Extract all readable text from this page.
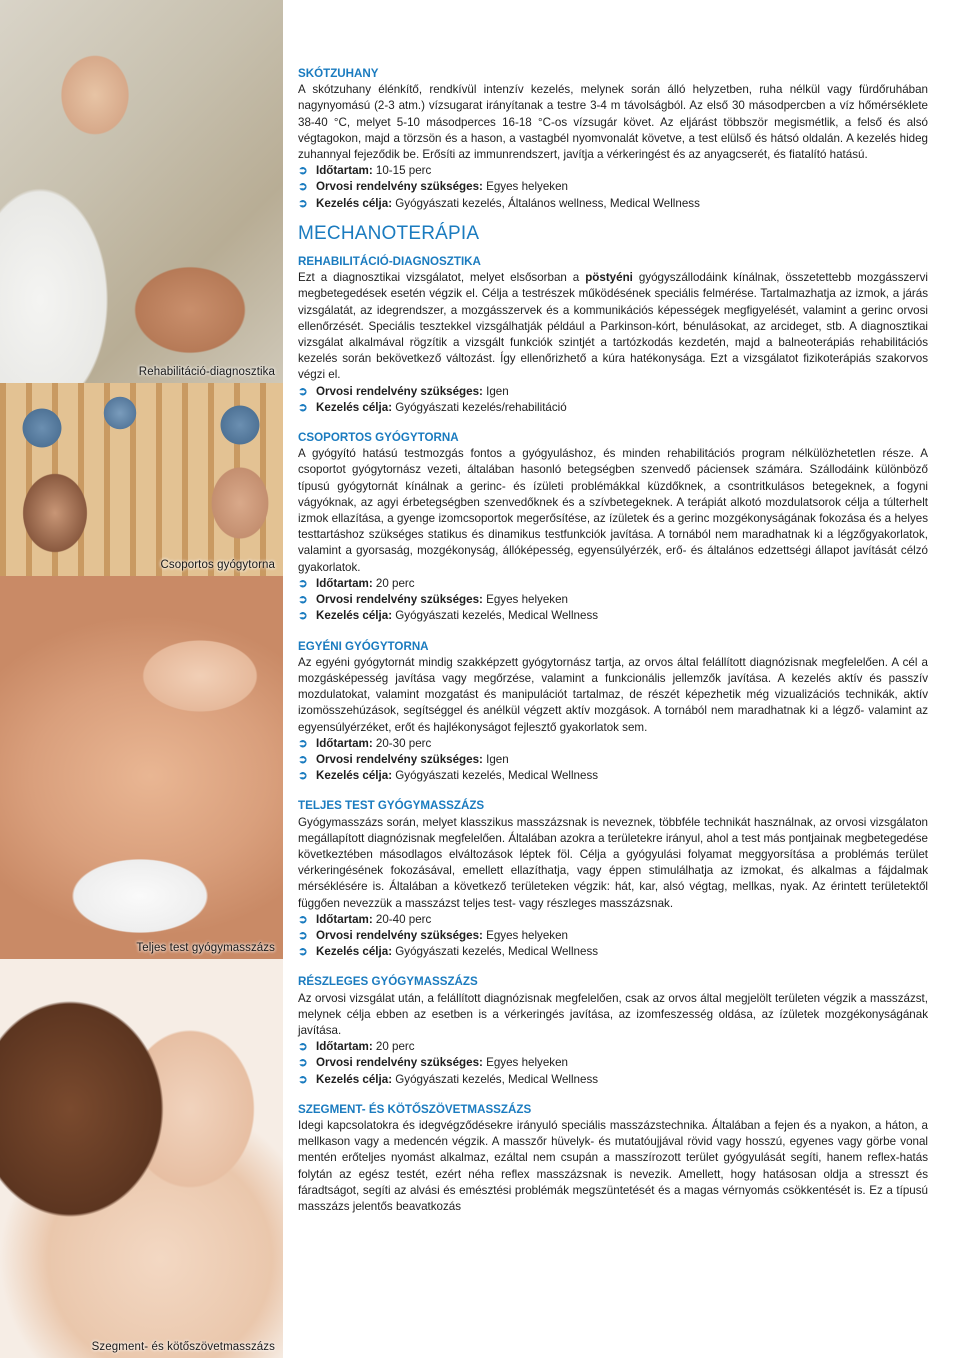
Rehabilitáció-diagnosztika
Csoportos gyógytorna
Teljes test gyógymasszázs
Szegment- és kötőszövetmasszázs
SKÓTZUHANY

A skótzuhany élénkítő, rendkívül intenzív kezelés, melynek során álló helyzetben, ruha nélkül vagy fürdőruhában nagynyomású (2-3 atm.) vízsugarat irányítanak a testre 3-4 m távolságból. Az első 30 másodpercben a víz hőmérséklete 38-40 °C, melyet 5-10 másodperces 16-18 °C-os vízsugár követ. Az eljárást többször megismétlik, a felső és alsó végtagokon, majd a törzsön és a hason, a vastagbél nyomvonalát követve, a test elülső és hátsó oldalán. A kezelés hideg zuhannyal fejeződik be. Erősíti az immunrendszert, javítja a vérkeringést és az anyagcserét, és fiatalító hatású.

➲ Időtartam: 10-15 perc
➲ Orvosi rendelvény szükséges: Egyes helyeken
➲ Kezelés célja: Gyógyászati kezelés, Általános wellness, Medical Wellness
MECHANOTERÁPIA
REHABILITÁCIÓ-DIAGNOSZTIKA

Ezt a diagnosztikai vizsgálatot, melyet elsősorban a pöstyéni gyógyszállodáink kínálnak, összetettebb mozgásszervi megbetegedések esetén végzik el. Célja a testrészek működésének speciális felmérése. Tartalmazhatja az izmok, a járás vizsgálatát, az idegrendszer, a mozgásszervek és a kommunikációs képességek megfigyelését, valamint a gerinc orvosi ellenőrzését. Speciális tesztekkel vizsgálhatják például a Parkinson-kórt, bénulásokat, az arcideget, stb. A diagnosztikai vizsgálat alkalmával rögzítik a vizsgált funkciók szintjét a tartózkodás kezdetén, majd a balneoterápiás rehabilitációs kezelés során bekövetkező változást. Így ellenőrizhető a kúra hatékonysága. Ezt a vizsgálatot fizikoterápiás szakorvos végzi el.

➲ Orvosi rendelvény szükséges: Igen
➲ Kezelés célja: Gyógyászati kezelés/rehabilitáció
CSOPORTOS GYÓGYTORNA

A gyógyító hatású testmozgás fontos a gyógyuláshoz, és minden rehabilitációs program nélkülözhetetlen része. A csoportot gyógytornász vezeti, általában hasonló betegségben szenvedő páciensek számára. Szállodáink különböző típusú gyógytornát kínálnak a gerinc- és ízületi problémákkal küzdőknek, a csontritkulásos betegeknek, a fogyni vágyóknak, az agyi érbetegségben szenvedőknek és a szívbetegeknek. A terápiát alkotó mozdulatsorok célja a túlterhelt izmok ellazítása, a gyenge izomcsoportok megerősítése, az ízületek és a gerinc mozgékonyságának fokozása és a helyes testtartáshoz szükséges statikus és dinamikus testfunkciók javítása. A tornából nem maradhatnak ki a légzőgyakorlatok, valamint a gyorsaság, mozgékonyság, állóképesség, egyensúlyérzék, erő- és általános edzettségi állapot javítását célzó gyakorlatok.

➲ Időtartam: 20 perc
➲ Orvosi rendelvény szükséges: Egyes helyeken
➲ Kezelés célja: Gyógyászati kezelés, Medical Wellness
EGYÉNI GYÓGYTORNA

Az egyéni gyógytornát mindig szakképzett gyógytornász tartja, az orvos által felállított diagnózisnak megfelelően. A cél a mozgásképesség javítása vagy megőrzése, valamint a funkcionális jellemzők javítása. A kezelés aktív és passzív mozdulatokat, valamint mozgatást és manipulációt tartalmaz, de részét képezhetik még vizualizációs technikák, aktív izomösszehúzások, segítséggel és anélkül végzett aktív mozgások. A tornából nem maradhatnak ki a légző- valamint az egyensúlyérzéket, erőt és hajlékonyságot fejlesztő gyakorlatok sem.

➲ Időtartam: 20-30 perc
➲ Orvosi rendelvény szükséges: Igen
➲ Kezelés célja: Gyógyászati kezelés, Medical Wellness
TELJES TEST GYÓGYMASSZÁZS

Gyógymasszázs során, melyet klasszikus masszázsnak is neveznek, többféle technikát használnak, az orvosi vizsgálaton megállapított diagnózisnak megfelelően. Általában azokra a területekre irányul, ahol a test más pontjainak megbetegedése következtében másodlagos elváltozások léptek föl. Célja a gyógyulási folyamat meggyorsítása a problémás terület vérkeringésének fokozásával, emellett ellazíthatja, vagy éppen stimulálhatja az izmokat, és alkalmas a fájdalmak mérséklésére is. Általában a következő területeken végzik: hát, kar, alsó végtag, mellkas, nyak. Az érintett területektől függően nevezzük a masszázst teljes test- vagy részleges masszázsnak.

➲ Időtartam: 20-40 perc
➲ Orvosi rendelvény szükséges: Egyes helyeken
➲ Kezelés célja: Gyógyászati kezelés, Medical Wellness
RÉSZLEGES GYÓGYMASSZÁZS

Az orvosi vizsgálat után, a felállított diagnózisnak megfelelően, csak az orvos által megjelölt területen végzik a masszázst, melynek célja ebben az esetben is a vérkeringés javítása, az izomfeszesség oldása, az ízületek mozgékonyságának javítása.

➲ Időtartam: 20 perc
➲ Orvosi rendelvény szükséges: Egyes helyeken
➲ Kezelés célja: Gyógyászati kezelés, Medical Wellness
SZEGMENT- ÉS KÖTŐSZÖVETMASSZÁZS

Idegi kapcsolatokra és idegvégződésekre irányuló speciális masszázstechnika. Általában a fejen és a nyakon, a háton, a mellkason vagy a medencén végzik. A masszőr hüvelyk- és mutatóujjával rövid vagy hosszú, egyenes vagy görbe vonal mentén erőteljes nyomást alkalmaz, ezáltal nem csupán a masszírozott terület gyógyulását segíti, hanem reflex-hatás folytán az egész testét, ezért néha reflex masszázsnak is nevezik. Amellett, hogy hatásosan oldja a stresszt és fáradtságot, segíti az alvási és emésztési problémák megszüntetését és a magas vérnyomás csökkentését is. Ez a típusú masszázs jelentős beavatkozás
